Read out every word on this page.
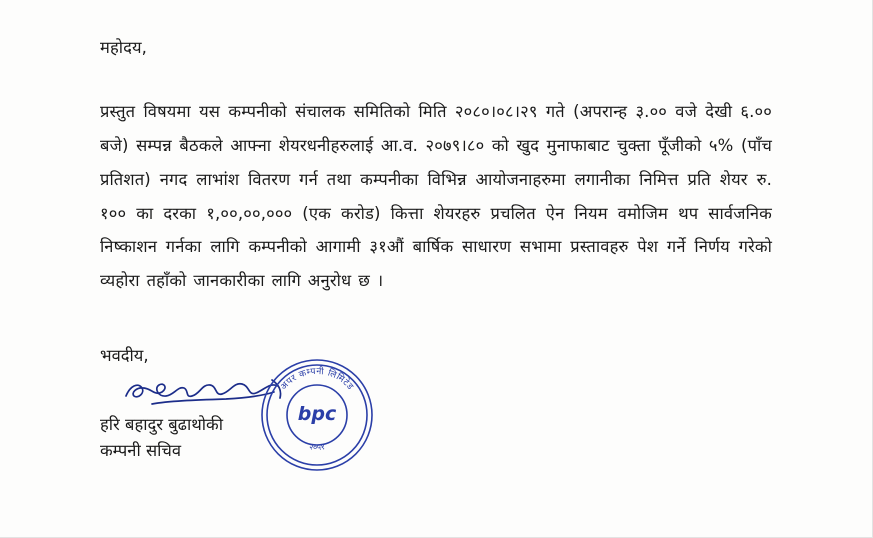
महोदय,

प्रस्तुत विषयमा यस कम्पनीको संचालक समितिको मिति २०८०।०८।२९ गते (अपरान्ह ३.०० वजे देखी ६.०० बजे) सम्पन्न बैठकले आफ्ना शेयरधनीहरुलाई आ.व. २०७९।८० को खुद मुनाफाबाट चुक्ता पूँजीको ५% (पाँच प्रतिशत) नगद लाभांश वितरण गर्न तथा कम्पनीका विभिन्न आयोजनाहरुमा लगानीका निमित्त प्रति शेयर रु. १०० का दरका १,००,००,००० (एक करोड) कित्ता शेयरहरु प्रचलित ऐन नियम वमोजिम थप सार्वजनिक निष्काशन गर्नका लागि कम्पनीको आगामी ३१औं बार्षिक साधारण सभामा प्रस्तावहरु पेश गर्ने निर्णय गरेको व्यहोरा तहाँको जानकारीका लागि अनुरोध छ ।

भवदीय,

हरि बहादुर बुढाथोकी

कम्पनी सचिव

अपर कम्पनी लिमिटेड
२०५१
bpc
